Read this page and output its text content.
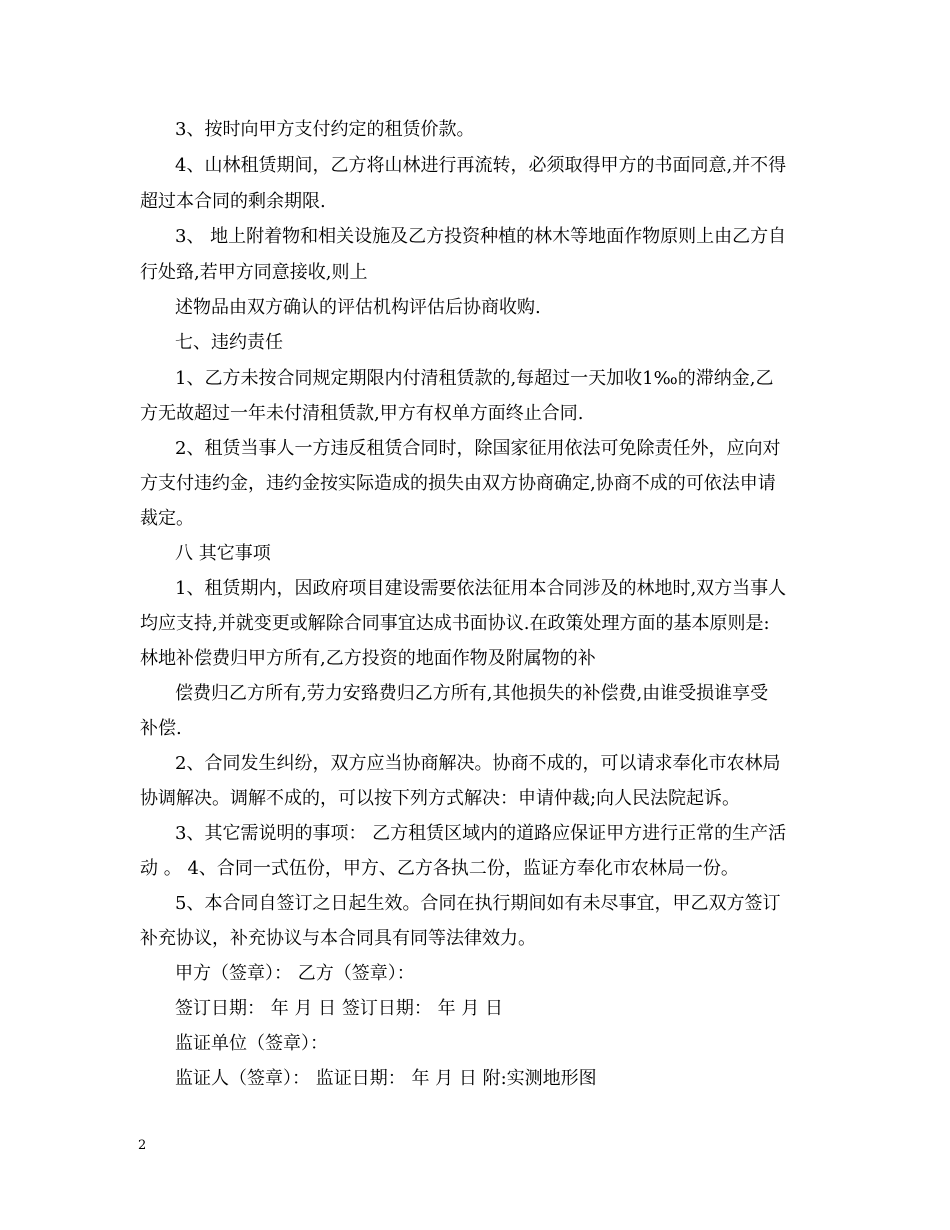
3、按时向甲方支付约定的租赁价款。
4、山林租赁期间，乙方将山林进行再流转，必须取得甲方的书面同意,并不得
超过本合同的剩余期限.
3、 地上附着物和相关设施及乙方投资种植的林木等地面作物原则上由乙方自
行处臵,若甲方同意接收,则上
述物品由双方确认的评估机构评估后协商收购.
七、违约责任
1、乙方未按合同规定期限内付清租赁款的,每超过一天加收1‰的滞纳金,乙
方无故超过一年未付清租赁款,甲方有权单方面终止合同.
2、租赁当事人一方违反租赁合同时，除国家征用依法可免除责任外，应向对
方支付违约金，违约金按实际造成的损失由双方协商确定,协商不成的可依法申请
裁定。
八 其它事项
1、租赁期内，因政府项目建设需要依法征用本合同涉及的林地时,双方当事人
均应支持,并就变更或解除合同事宜达成书面协议.在政策处理方面的基本原则是:
林地补偿费归甲方所有,乙方投资的地面作物及附属物的补
偿费归乙方所有,劳力安臵费归乙方所有,其他损失的补偿费,由谁受损谁享受
补偿.
2、合同发生纠纷，双方应当协商解决。协商不成的，可以请求奉化市农林局
协调解决。调解不成的，可以按下列方式解决：申请仲裁;向人民法院起诉。
3、其它需说明的事项： 乙方租赁区域内的道路应保证甲方进行正常的生产活
动 。 4、合同一式伍份，甲方、乙方各执二份，监证方奉化市农林局一份。
5、本合同自签订之日起生效。合同在执行期间如有未尽事宜，甲乙双方签订
补充协议，补充协议与本合同具有同等法律效力。
甲方（签章）： 乙方（签章）：
签订日期： 年 月 日 签订日期： 年 月 日
监证单位（签章）：
监证人（签章）： 监证日期： 年 月 日 附:实测地形图
2
